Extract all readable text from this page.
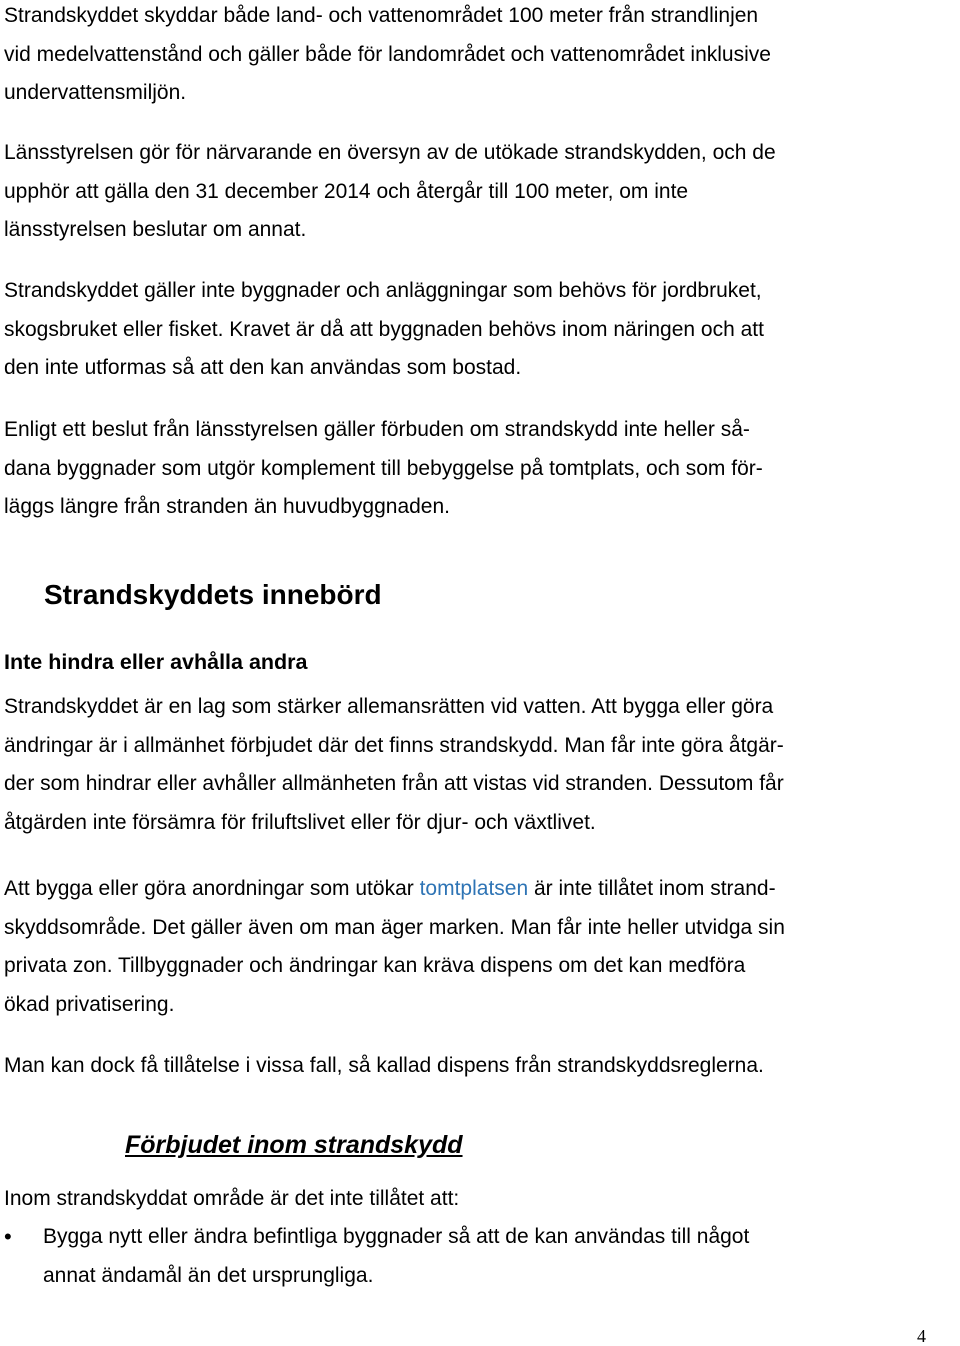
Strandskyddet skyddar både land- och vattenområdet 100 meter från strandlinjen
vid medelvattenstånd och gäller både för landområdet och vattenområdet inklusive
undervattensmiljön.

Länsstyrelsen gör för närvarande en översyn av de utökade strandskydden, och de
upphör att gälla den 31 december 2014 och återgår till 100 meter, om inte
länsstyrelsen beslutar om annat.

Strandskyddet gäller inte byggnader och anläggningar som behövs för jordbruket,
skogsbruket eller fisket. Kravet är då att byggnaden behövs inom näringen och att
den inte utformas så att den kan användas som bostad.

Enligt ett beslut från länsstyrelsen gäller förbuden om strandskydd inte heller så-
dana byggnader som utgör komplement till bebyggelse på tomtplats, och som för-
läggs längre från stranden än huvudbyggnaden.

Strandskyddets innebörd
Inte hindra eller avhålla andra

Strandskyddet är en lag som stärker allemansrätten vid vatten. Att bygga eller göra
ändringar är i allmänhet förbjudet där det finns strandskydd. Man får inte göra åtgär-
der som hindrar eller avhåller allmänheten från att vistas vid stranden. Dessutom får
åtgärden inte försämra för friluftslivet eller för djur- och växtlivet.

Att bygga eller göra anordningar som utökar tomtplatsen är inte tillåtet inom strand-
skyddsområde. Det gäller även om man äger marken. Man får inte heller utvidga sin
privata zon. Tillbyggnader och ändringar kan kräva dispens om det kan medföra
ökad privatisering.

Man kan dock få tillåtelse i vissa fall, så kallad dispens från strandskyddsreglerna.

Förbjudet inom strandskydd

Inom strandskyddat område är det inte tillåtet att:

•	Bygga nytt eller ändra befintliga byggnader så att de kan användas till något
annat ändamål än det ursprungliga.
4
